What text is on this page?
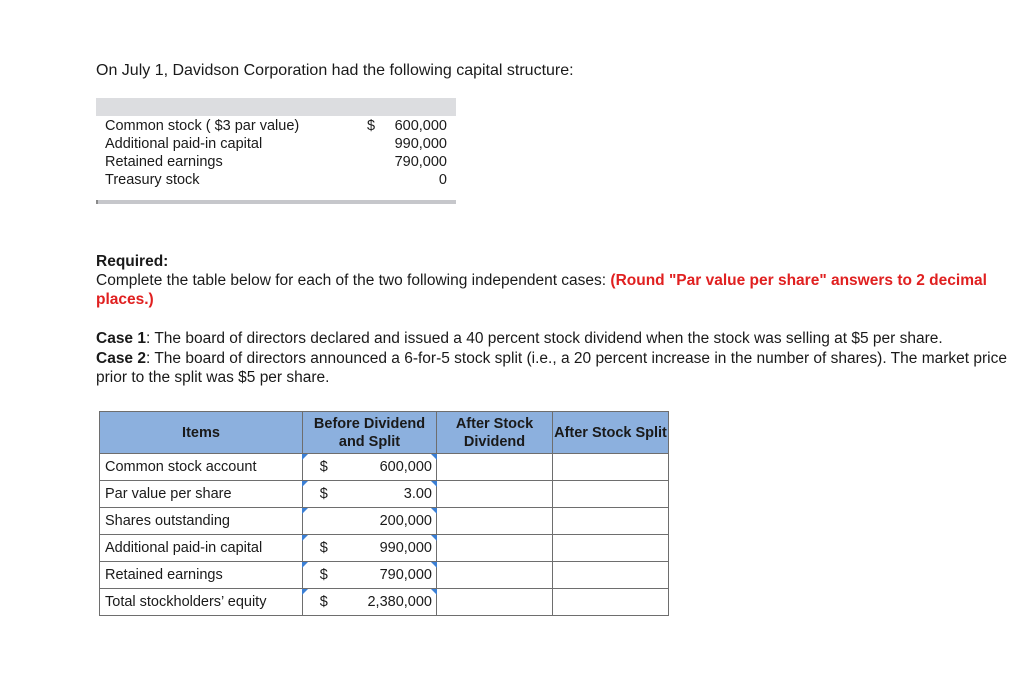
On July 1, Davidson Corporation had the following capital structure:
Common stock ( $3 par value)	$ 600,000
Additional paid-in capital	990,000
Retained earnings	790,000
Treasury stock	0
Required:
Complete the table below for each of the two following independent cases: (Round "Par value per share" answers to 2 decimal places.)
Case 1: The board of directors declared and issued a 40 percent stock dividend when the stock was selling at $5 per share.
Case 2: The board of directors announced a 6-for-5 stock split (i.e., a 20 percent increase in the number of shares). The market price prior to the split was $5 per share.
Items	Before Dividend and Split		After Stock Dividend	After Stock Split
Common stock account	$	600,000

Par value per share	$	3.00

Shares outstanding		200,000

Additional paid-in capital	$	990,000

Retained earnings	$	790,000

Total stockholders’ equity	$	2,380,000
